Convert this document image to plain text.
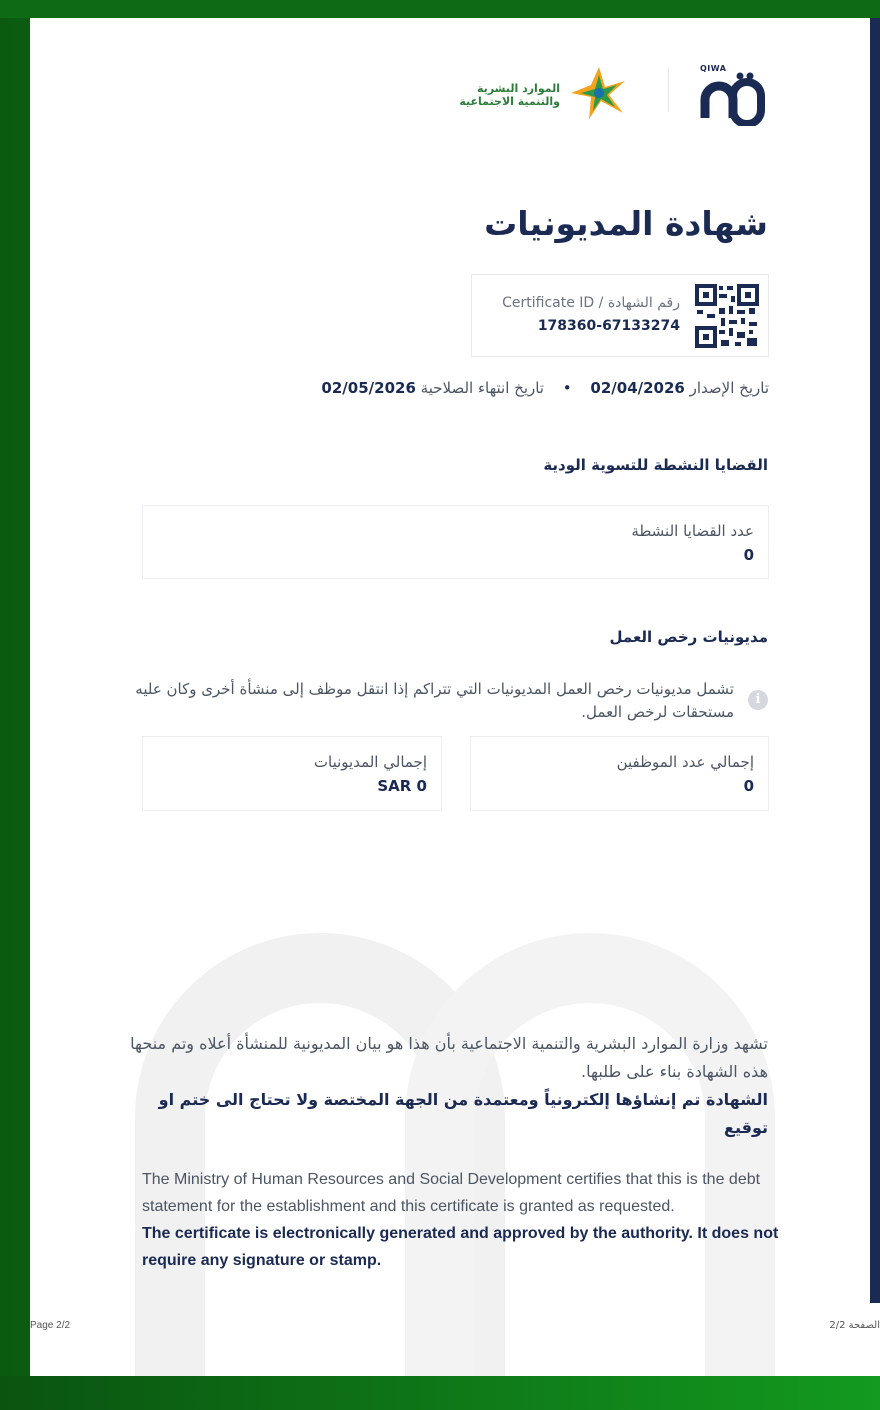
QIWA
الموارد البشرية
والتنمية الاجتماعية
شهادة المديونيات
رقم الشهادة / Certificate ID
178360-67133274
تاريخ الإصدار 02/04/2026 • تاريخ انتهاء الصلاحية 02/05/2026
القضايا النشطة للتسوية الودية
عدد القضايا النشطة
0
مديونيات رخص العمل
i
تشمل مديونيات رخص العمل المديونيات التي تتراكم إذا انتقل موظف إلى منشأة أخرى وكان عليه مستحقات لرخص العمل.
إجمالي عدد الموظفين
0
إجمالي المديونيات
SAR 0
تشهد وزارة الموارد البشرية والتنمية الاجتماعية بأن هذا هو بيان المديونية للمنشأة أعلاه وتم منحها هذه الشهادة بناء على طلبها.
الشهادة تم إنشاؤها إلكترونياً ومعتمدة من الجهة المختصة ولا تحتاج الى ختم او توقيع
The Ministry of Human Resources and Social Development certifies that this is the debt statement for the establishment and this certificate is granted as requested.
The certificate is electronically generated and approved by the authority. It does not require any signature or stamp.
Page 2/2	الصفحة 2/2
